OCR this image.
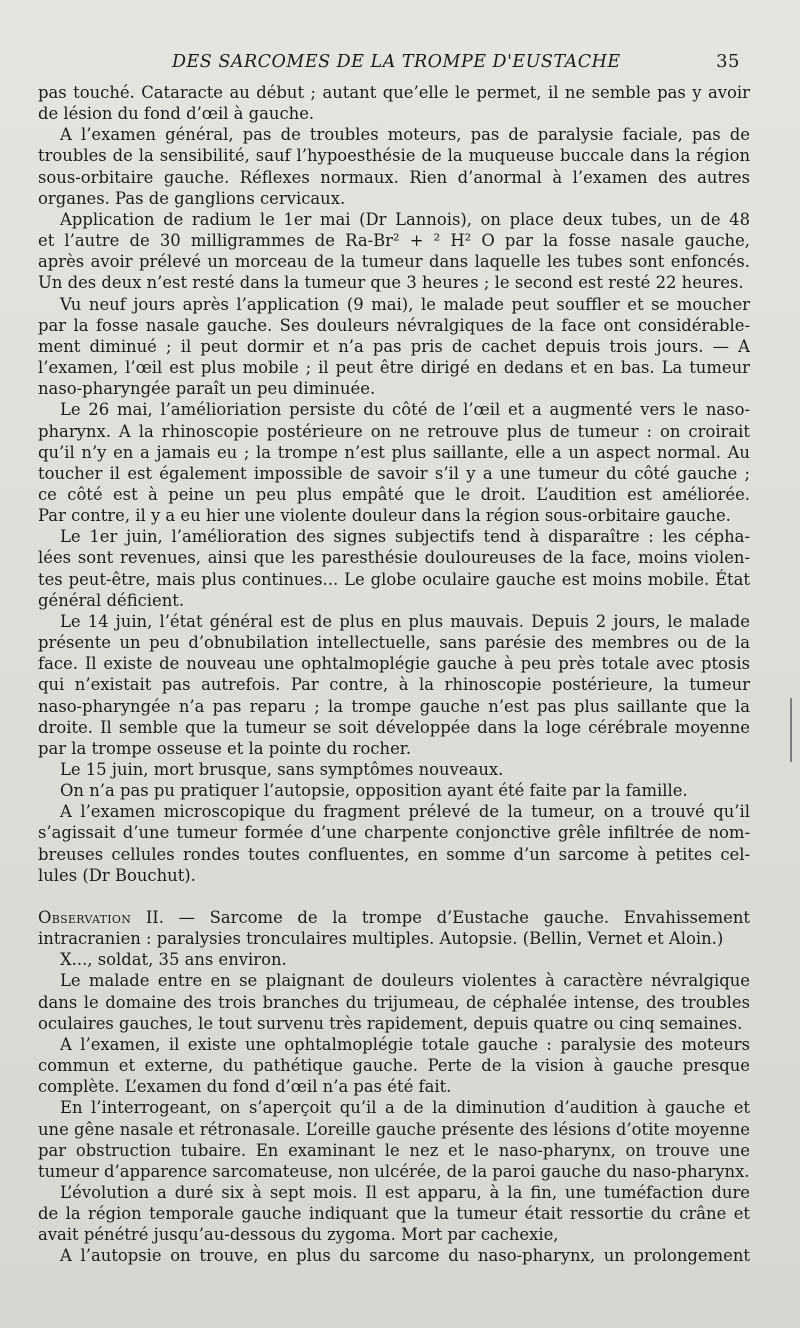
DES SARCOMES DE LA TROMPE D'EUSTACHE	35
pas touché. Cataracte au début ; autant que’elle le permet, il ne semble pas y avoir
de lésion du fond d’œil à gauche.
A l’examen général, pas de troubles moteurs, pas de paralysie faciale, pas de
troubles de la sensibilité, sauf l’hypoesthésie de la muqueuse buccale dans la région
sous-orbitaire gauche. Réflexes normaux. Rien d’anormal à l’examen des autres
organes. Pas de ganglions cervicaux.
Application de radium le 1er mai (Dr Lannois), on place deux tubes, un de 48
et l’autre de 30 milligrammes de Ra-Br² + ² H² O par la fosse nasale gauche,
après avoir prélevé un morceau de la tumeur dans laquelle les tubes sont enfoncés.
Un des deux n’est resté dans la tumeur que 3 heures ; le second est resté 22 heures.
Vu neuf jours après l’application (9 mai), le malade peut souffler et se moucher
par la fosse nasale gauche. Ses douleurs névralgiques de la face ont considérable-
ment diminué ; il peut dormir et n’a pas pris de cachet depuis trois jours. — A
l’examen, l’œil est plus mobile ; il peut être dirigé en dedans et en bas. La tumeur
naso-pharyngée paraît un peu diminuée.
Le 26 mai, l’amélioriation persiste du côté de l’œil et a augmenté vers le naso-
pharynx. A la rhinoscopie postérieure on ne retrouve plus de tumeur : on croirait
qu’il n’y en a jamais eu ; la trompe n’est plus saillante, elle a un aspect normal. Au
toucher il est également impossible de savoir s’il y a une tumeur du côté gauche ;
ce côté est à peine un peu plus empâté que le droit. L’audition est améliorée.
Par contre, il y a eu hier une violente douleur dans la région sous-orbitaire gauche.
Le 1er juin, l’amélioration des signes subjectifs tend à disparaître : les cépha-
lées sont revenues, ainsi que les paresthésie douloureuses de la face, moins violen-
tes peut-être, mais plus continues... Le globe oculaire gauche est moins mobile. État
général déficient.
Le 14 juin, l’état général est de plus en plus mauvais. Depuis 2 jours, le malade
présente un peu d’obnubilation intellectuelle, sans parésie des membres ou de la
face. Il existe de nouveau une ophtalmoplégie gauche à peu près totale avec ptosis
qui n’existait pas autrefois. Par contre, à la rhinoscopie postérieure, la tumeur
naso-pharyngée n’a pas reparu ; la trompe gauche n’est pas plus saillante que la
droite. Il semble que la tumeur se soit développée dans la loge cérébrale moyenne
par la trompe osseuse et la pointe du rocher.
Le 15 juin, mort brusque, sans symptômes nouveaux.
On n’a pas pu pratiquer l’autopsie, opposition ayant été faite par la famille.
A l’examen microscopique du fragment prélevé de la tumeur, on a trouvé qu’il
s’agissait d’une tumeur formée d’une charpente conjonctive grêle infiltrée de nom-
breuses cellules rondes toutes confluentes, en somme d’un sarcome à petites cel-
lules (Dr Bouchut).
Observation II. — Sarcome de la trompe d’Eustache gauche. Envahissement
intracranien : paralysies tronculaires multiples. Autopsie. (Bellin, Vernet et Aloin.)
X..., soldat, 35 ans environ.
Le malade entre en se plaignant de douleurs violentes à caractère névralgique
dans le domaine des trois branches du trijumeau, de céphalée intense, des troubles
oculaires gauches, le tout survenu très rapidement, depuis quatre ou cinq semaines.
A l’examen, il existe une ophtalmoplégie totale gauche : paralysie des moteurs
commun et externe, du pathétique gauche. Perte de la vision à gauche presque
complète. L’examen du fond d’œil n’a pas été fait.
En l’interrogeant, on s’aperçoit qu’il a de la diminution d’audition à gauche et
une gêne nasale et rétronasale. L’oreille gauche présente des lésions d’otite moyenne
par obstruction tubaire. En examinant le nez et le naso-pharynx, on trouve une
tumeur d’apparence sarcomateuse, non ulcérée, de la paroi gauche du naso-pharynx.
L’évolution a duré six à sept mois. Il est apparu, à la fin, une tuméfaction dure
de la région temporale gauche indiquant que la tumeur était ressortie du crâne et
avait pénétré jusqu’au-dessous du zygoma. Mort par cachexie,
A l’autopsie on trouve, en plus du sarcome du naso-pharynx, un prolongement
